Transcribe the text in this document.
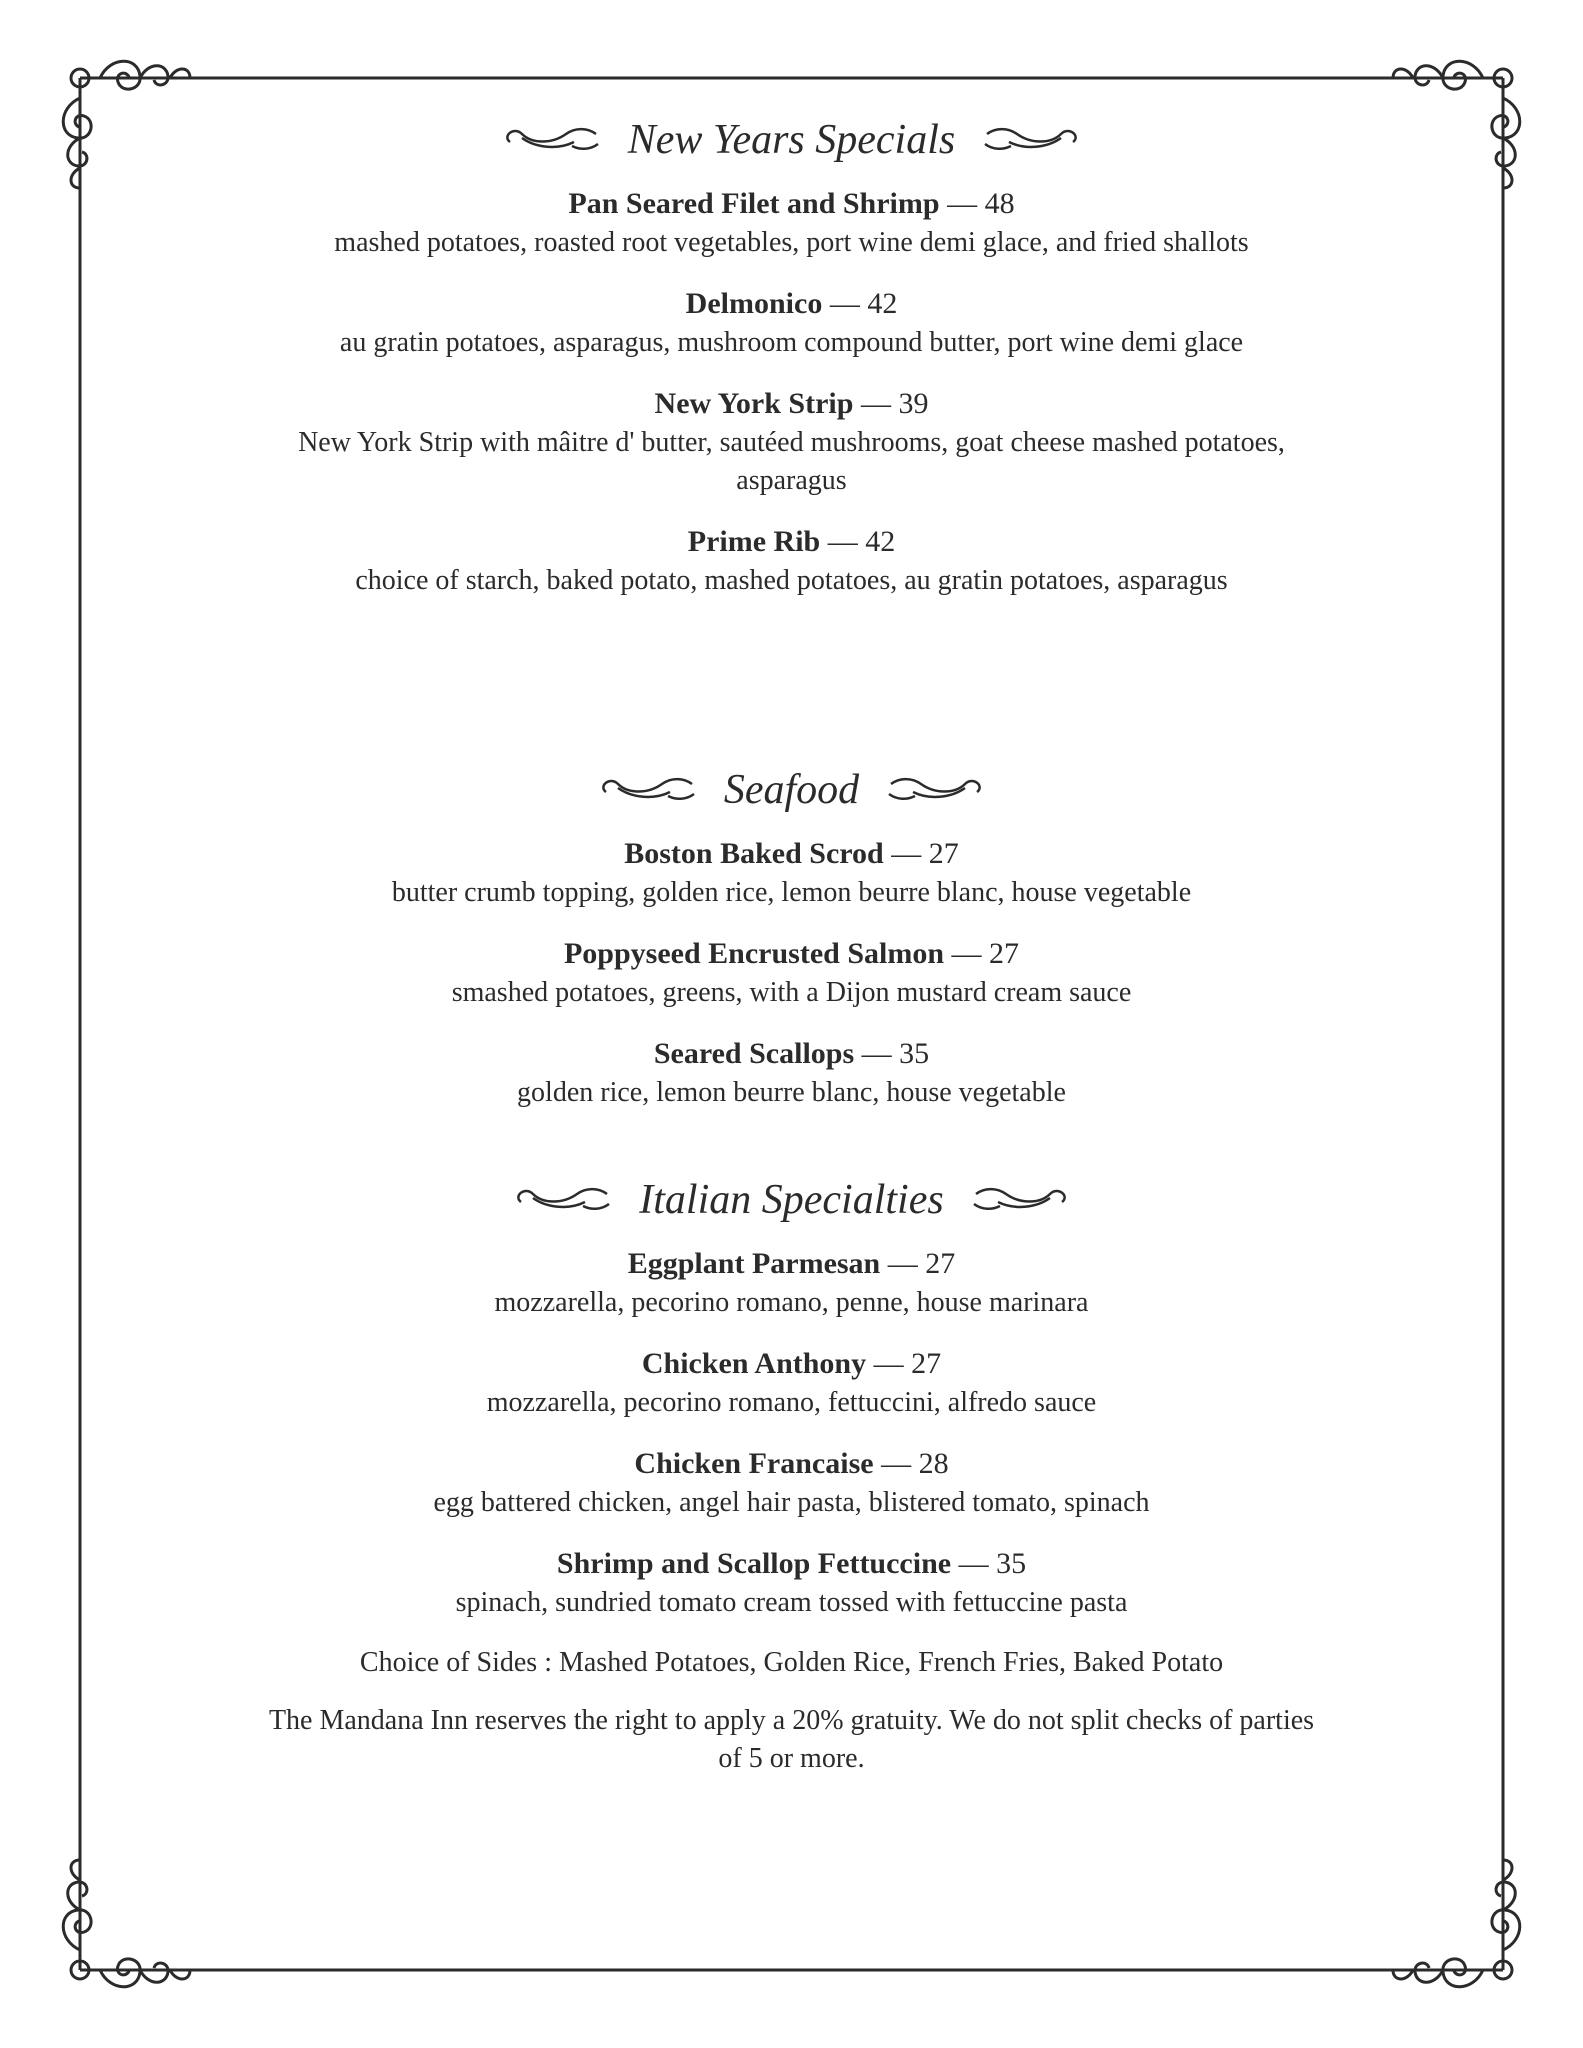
New Years Specials
Pan Seared Filet and Shrimp — 48
mashed potatoes, roasted root vegetables, port wine demi glace, and fried shallots
Delmonico — 42
au gratin potatoes, asparagus, mushroom compound butter, port wine demi glace
New York Strip — 39
New York Strip with mâitre d' butter, sautéed mushrooms, goat cheese mashed potatoes, asparagus
Prime Rib — 42
choice of starch, baked potato, mashed potatoes, au gratin potatoes, asparagus
Seafood
Boston Baked Scrod — 27
butter crumb topping, golden rice, lemon beurre blanc, house vegetable
Poppyseed Encrusted Salmon — 27
smashed potatoes, greens, with a Dijon mustard cream sauce
Seared Scallops — 35
golden rice, lemon beurre blanc, house vegetable
Italian Specialties
Eggplant Parmesan — 27
mozzarella, pecorino romano, penne, house marinara
Chicken Anthony — 27
mozzarella, pecorino romano, fettuccini, alfredo sauce
Chicken Francaise — 28
egg battered chicken, angel hair pasta, blistered tomato, spinach
Shrimp and Scallop Fettuccine — 35
spinach, sundried tomato cream tossed with fettuccine pasta
Choice of Sides : Mashed Potatoes, Golden Rice, French Fries, Baked Potato
The Mandana Inn reserves the right to apply a 20% gratuity. We do not split checks of parties of 5 or more.
